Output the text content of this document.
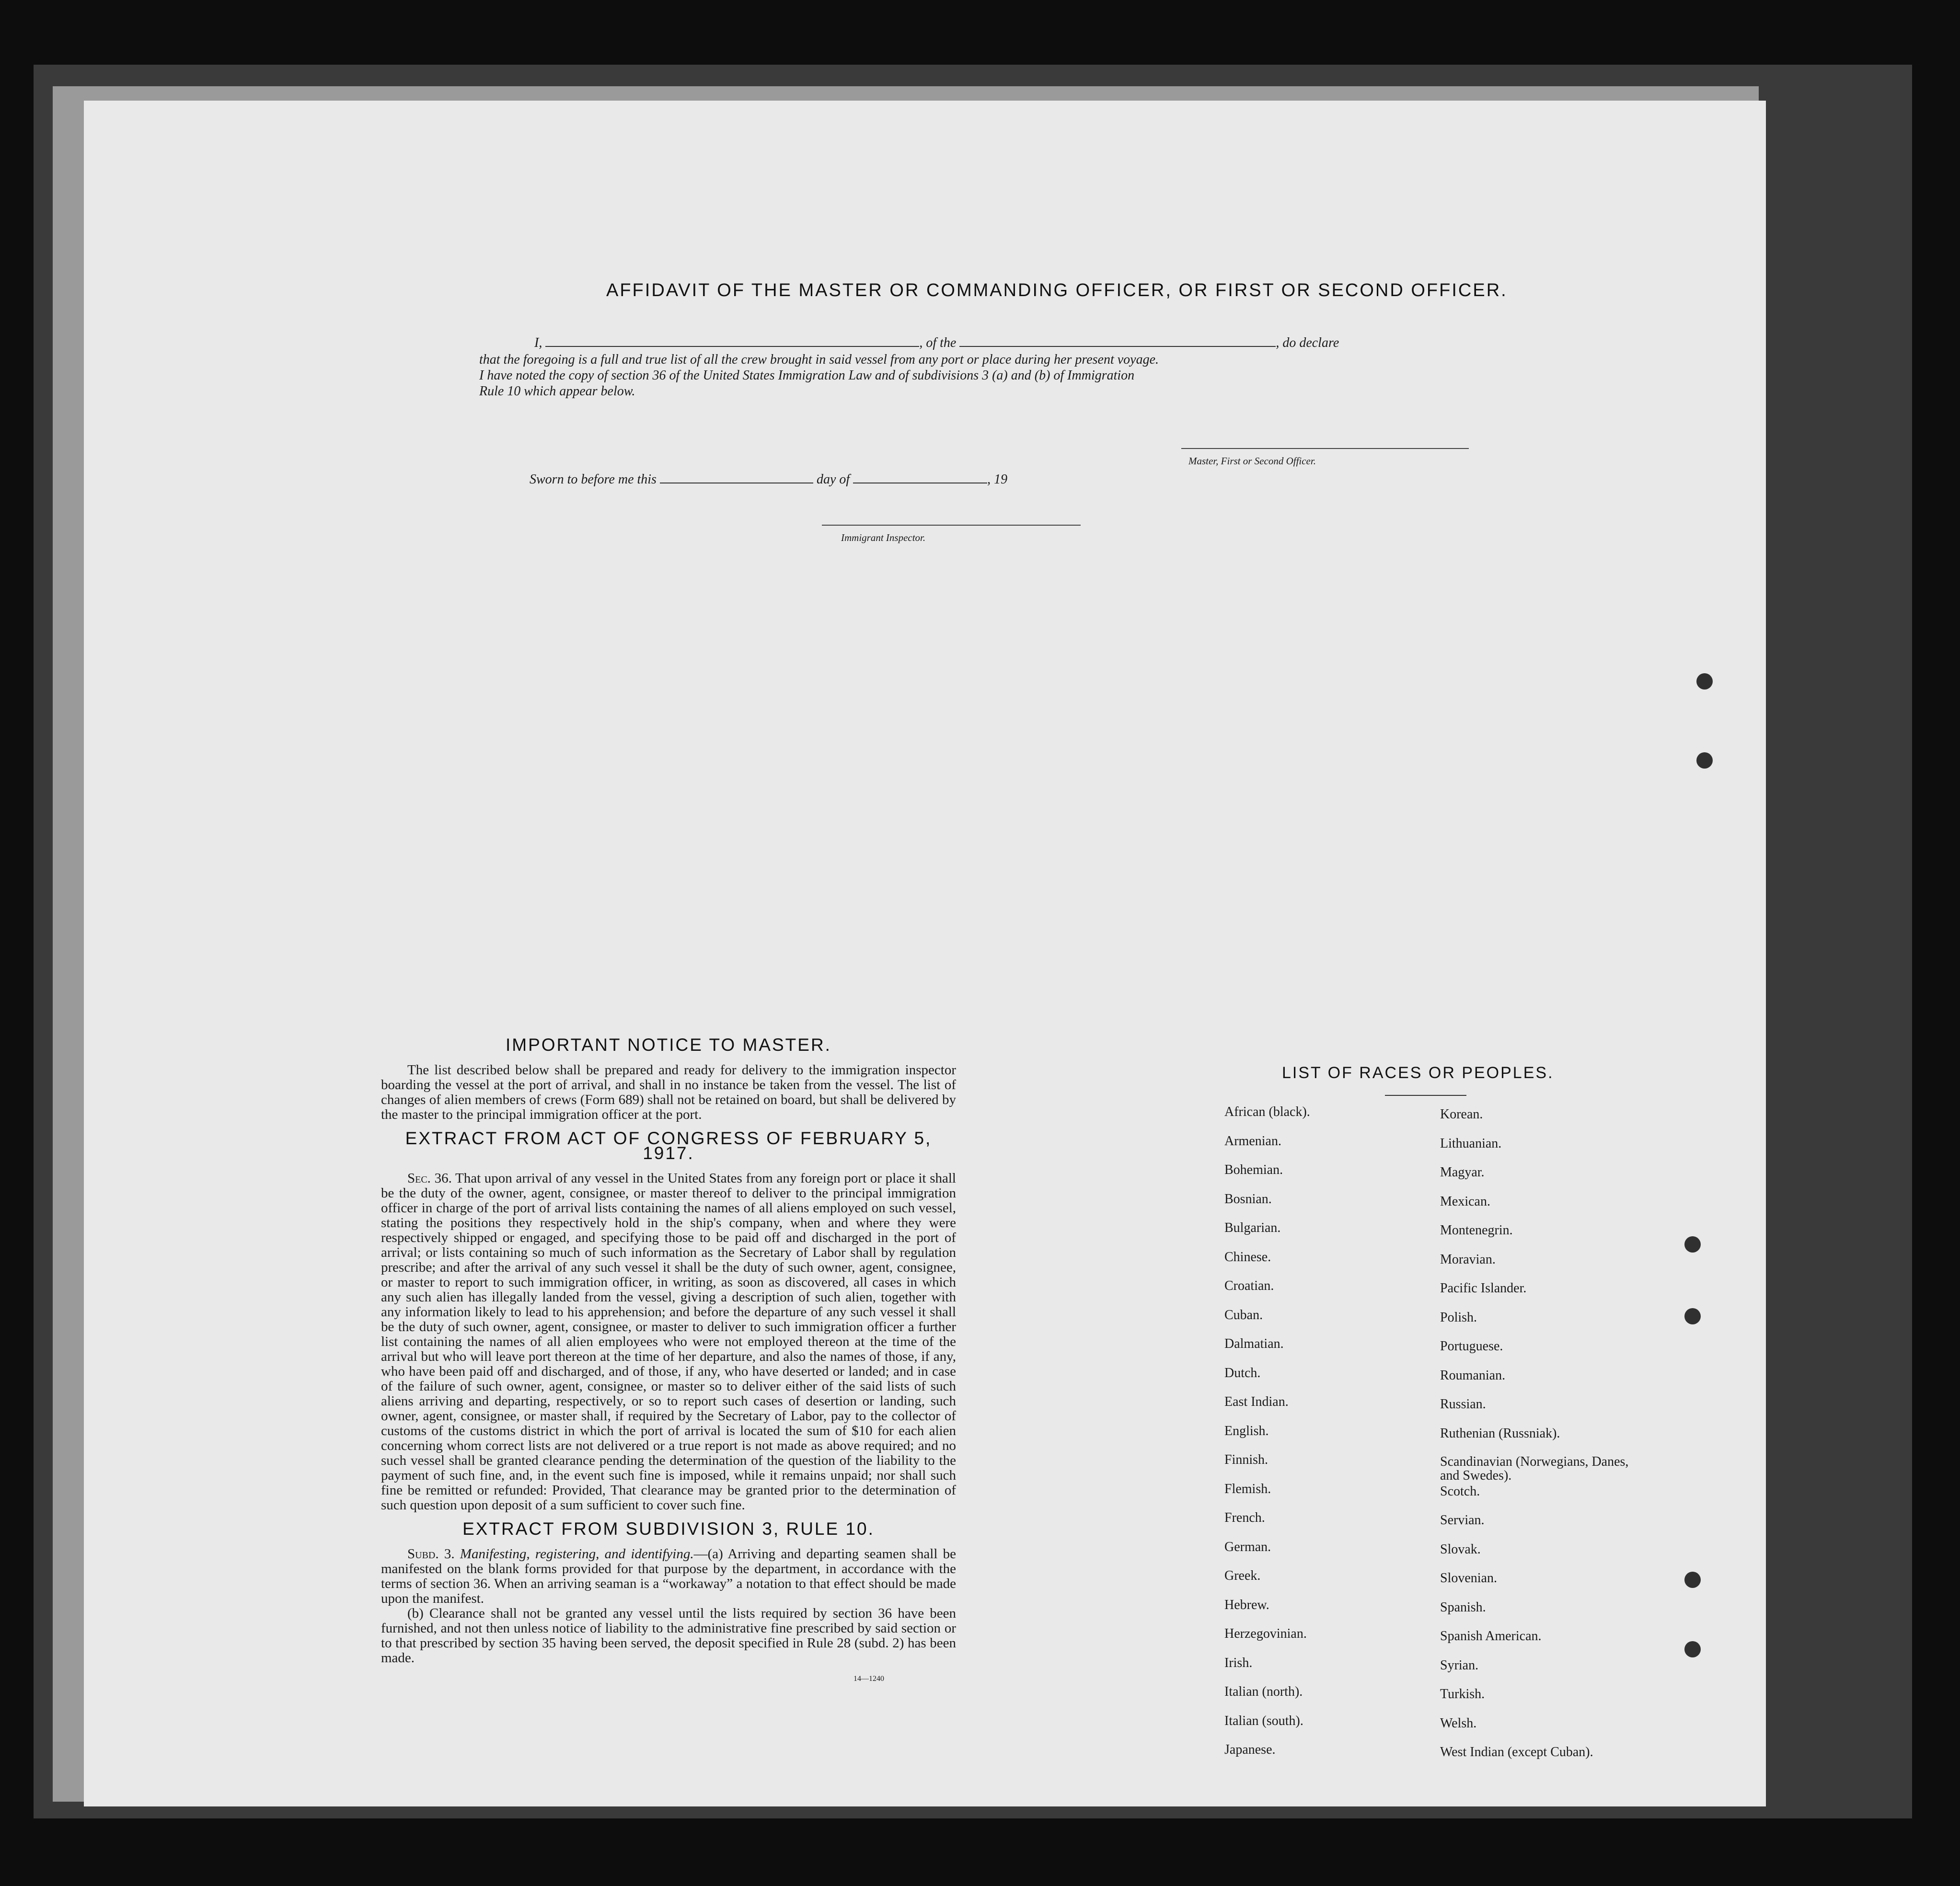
AFFIDAVIT OF THE MASTER OR COMMANDING OFFICER, OR FIRST OR SECOND OFFICER.
I,	, of the	, do declare
that the foregoing is a full and true list of all the crew brought in said vessel from any port or place during her present voyage.
I have noted the copy of section 36 of the United States Immigration Law and of subdivisions 3 (a) and (b) of Immigration
Rule 10 which appear below.
Master, First or Second Officer.
Sworn to before me this	day of	, 19
Immigrant Inspector.
IMPORTANT NOTICE TO MASTER.

The list described below shall be prepared and ready for delivery to the immigration inspector boarding the vessel at the port of arrival, and shall in no instance be taken from the vessel. The list of changes of alien members of crews (Form 689) shall not be retained on board, but shall be delivered by the master to the principal immigration officer at the port.

EXTRACT FROM ACT OF CONGRESS OF FEBRUARY 5, 1917.

Sec. 36. That upon arrival of any vessel in the United States from any foreign port or place it shall be the duty of the owner, agent, consignee, or master thereof to deliver to the principal immigration officer in charge of the port of arrival lists containing the names of all aliens employed on such vessel, stating the positions they respectively hold in the ship's company, when and where they were respectively shipped or engaged, and specifying those to be paid off and discharged in the port of arrival; or lists containing so much of such information as the Secretary of Labor shall by regulation prescribe; and after the arrival of any such vessel it shall be the duty of such owner, agent, consignee, or master to report to such immigration officer, in writing, as soon as discovered, all cases in which any such alien has illegally landed from the vessel, giving a description of such alien, together with any information likely to lead to his apprehension; and before the departure of any such vessel it shall be the duty of such owner, agent, consignee, or master to deliver to such immigration officer a further list containing the names of all alien employees who were not employed thereon at the time of the arrival but who will leave port thereon at the time of her departure, and also the names of those, if any, who have been paid off and discharged, and of those, if any, who have deserted or landed; and in case of the failure of such owner, agent, consignee, or master so to deliver either of the said lists of such aliens arriving and departing, respectively, or so to report such cases of desertion or landing, such owner, agent, consignee, or master shall, if required by the Secretary of Labor, pay to the collector of customs of the customs district in which the port of arrival is located the sum of $10 for each alien concerning whom correct lists are not delivered or a true report is not made as above required; and no such vessel shall be granted clearance pending the determination of the question of the liability to the payment of such fine, and, in the event such fine is imposed, while it remains unpaid; nor shall such fine be remitted or refunded: Provided, That clearance may be granted prior to the determination of such question upon deposit of a sum sufficient to cover such fine.

EXTRACT FROM SUBDIVISION 3, RULE 10.

Subd. 3. Manifesting, registering, and identifying.—(a) Arriving and departing seamen shall be manifested on the blank forms provided for that purpose by the department, in accordance with the terms of section 36. When an arriving seaman is a “workaway” a notation to that effect should be made upon the manifest.

(b) Clearance shall not be granted any vessel until the lists required by section 36 have been furnished, and not then unless notice of liability to the administrative fine prescribed by said section or to that prescribed by section 35 having been served, the deposit specified in Rule 28 (subd. 2) has been made.

14—1240
LIST OF RACES OR PEOPLES.
African (black).
Armenian.
Bohemian.
Bosnian.
Bulgarian.
Chinese.
Croatian.
Cuban.
Dalmatian.
Dutch.
East Indian.
English.
Finnish.
Flemish.
French.
German.
Greek.
Hebrew.
Herzegovinian.
Irish.
Italian (north).
Italian (south).
Japanese.
Korean.
Lithuanian.
Magyar.
Mexican.
Montenegrin.
Moravian.
Pacific Islander.
Polish.
Portuguese.
Roumanian.
Russian.
Ruthenian (Russniak).
Scandinavian (Norwegians, Danes, and Swedes).
Scotch.
Servian.
Slovak.
Slovenian.
Spanish.
Spanish American.
Syrian.
Turkish.
Welsh.
West Indian (except Cuban).
